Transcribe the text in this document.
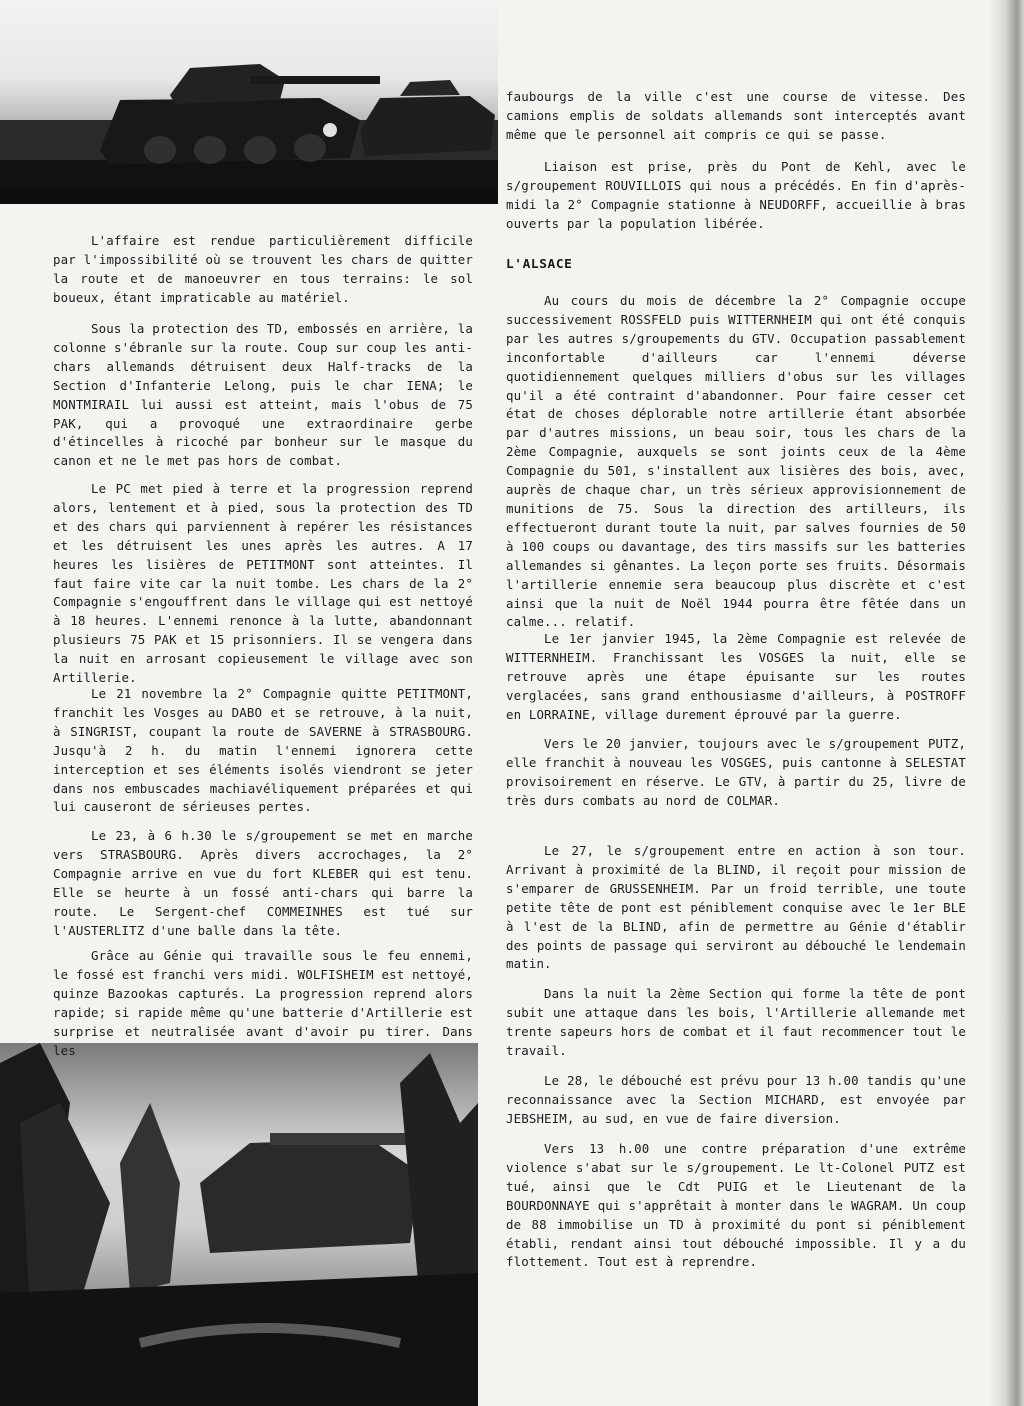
L'affaire est rendue particulièrement difficile par l'impossibilité où se trouvent les chars de quitter la route et de manoeuvrer en tous terrains: le sol boueux, étant impraticable au matériel.

Sous la protection des TD, embossés en arrière, la colonne s'ébranle sur la route. Coup sur coup les anti-chars allemands détruisent deux Half-tracks de la Section d'Infanterie Lelong, puis le char IENA; le MONTMIRAIL lui aussi est atteint, mais l'obus de 75 PAK, qui a provoqué une extraordinaire gerbe d'étincelles à ricoché par bonheur sur le masque du canon et ne le met pas hors de combat.

Le PC met pied à terre et la progression reprend alors, lentement et à pied, sous la protection des TD et des chars qui parviennent à repérer les résistances et les détruisent les unes après les autres. A 17 heures les lisières de PETITMONT sont atteintes. Il faut faire vite car la nuit tombe. Les chars de la 2° Compagnie s'engouffrent dans le village qui est nettoyé à 18 heures. L'ennemi renonce à la lutte, abandonnant plusieurs 75 PAK et 15 prisonniers. Il se vengera dans la nuit en arrosant copieusement le village avec son Artillerie.

Le 21 novembre la 2° Compagnie quitte PETITMONT, franchit les Vosges au DABO et se retrouve, à la nuit, à SINGRIST, coupant la route de SAVERNE à STRASBOURG. Jusqu'à 2 h. du matin l'ennemi ignorera cette interception et ses éléments isolés viendront se jeter dans nos embuscades machiavéliquement préparées et qui lui causeront de sérieuses pertes.

Le 23, à 6 h.30 le s/groupement se met en marche vers STRASBOURG. Après divers accrochages, la 2° Compagnie arrive en vue du fort KLEBER qui est tenu. Elle se heurte à un fossé anti-chars qui barre la route. Le Sergent-chef COMMEINHES est tué sur l'AUSTERLITZ d'une balle dans la tête.

Grâce au Génie qui travaille sous le feu ennemi, le fossé est franchi vers midi. WOLFISHEIM est nettoyé, quinze Bazookas capturés. La progression reprend alors rapide; si rapide même qu'une batterie d'Artillerie est surprise et neutralisée avant d'avoir pu tirer. Dans les

faubourgs de la ville c'est une course de vitesse. Des camions emplis de soldats allemands sont interceptés avant même que le personnel ait compris ce qui se passe.

Liaison est prise, près du Pont de Kehl, avec le s/groupement ROUVILLOIS qui nous a précédés. En fin d'après-midi la 2° Compagnie stationne à NEUDORFF, accueillie à bras ouverts par la population libérée.

L'ALSACE

Au cours du mois de décembre la 2° Compagnie occupe successivement ROSSFELD puis WITTERNHEIM qui ont été conquis par les autres s/groupements du GTV. Occupation passablement inconfortable d'ailleurs car l'ennemi déverse quotidiennement quelques milliers d'obus sur les villages qu'il a été contraint d'abandonner. Pour faire cesser cet état de choses déplorable notre artillerie étant absorbée par d'autres missions, un beau soir, tous les chars de la 2ème Compagnie, auxquels se sont joints ceux de la 4ème Compagnie du 501, s'installent aux lisières des bois, avec, auprès de chaque char, un très sérieux approvisionnement de munitions de 75. Sous la direction des artilleurs, ils effectueront durant toute la nuit, par salves fournies de 50 à 100 coups ou davantage, des tirs massifs sur les batteries allemandes si gênantes. La leçon porte ses fruits. Désormais l'artillerie ennemie sera beaucoup plus discrète et c'est ainsi que la nuit de Noël 1944 pourra être fêtée dans un calme... relatif.

Le 1er janvier 1945, la 2ème Compagnie est relevée de WITTERNHEIM. Franchissant les VOSGES la nuit, elle se retrouve après une étape épuisante sur les routes verglacées, sans grand enthousiasme d'ailleurs, à POSTROFF en LORRAINE, village durement éprouvé par la guerre.

Vers le 20 janvier, toujours avec le s/groupement PUTZ, elle franchit à nouveau les VOSGES, puis cantonne à SELESTAT provisoirement en réserve. Le GTV, à partir du 25, livre de très durs combats au nord de COLMAR.

Le 27, le s/groupement entre en action à son tour. Arrivant à proximité de la BLIND, il reçoit pour mission de s'emparer de GRUSSENHEIM. Par un froid terrible, une toute petite tête de pont est péniblement conquise avec le 1er BLE à l'est de la BLIND, afin de permettre au Génie d'établir des points de passage qui serviront au débouché le lendemain matin.

Dans la nuit la 2ème Section qui forme la tête de pont subit une attaque dans les bois, l'Artillerie allemande met trente sapeurs hors de combat et il faut recommencer tout le travail.

Le 28, le débouché est prévu pour 13 h.00 tandis qu'une reconnaissance avec la Section MICHARD, est envoyée par JEBSHEIM, au sud, en vue de faire diversion.

Vers 13 h.00 une contre préparation d'une extrême violence s'abat sur le s/groupement. Le lt-Colonel PUTZ est tué, ainsi que le Cdt PUIG et le Lieutenant de la BOURDONNAYE qui s'apprêtait à monter dans le WAGRAM. Un coup de 88 immobilise un TD à proximité du pont si péniblement établi, rendant ainsi tout débouché impossible. Il y a du flottement. Tout est à reprendre.
